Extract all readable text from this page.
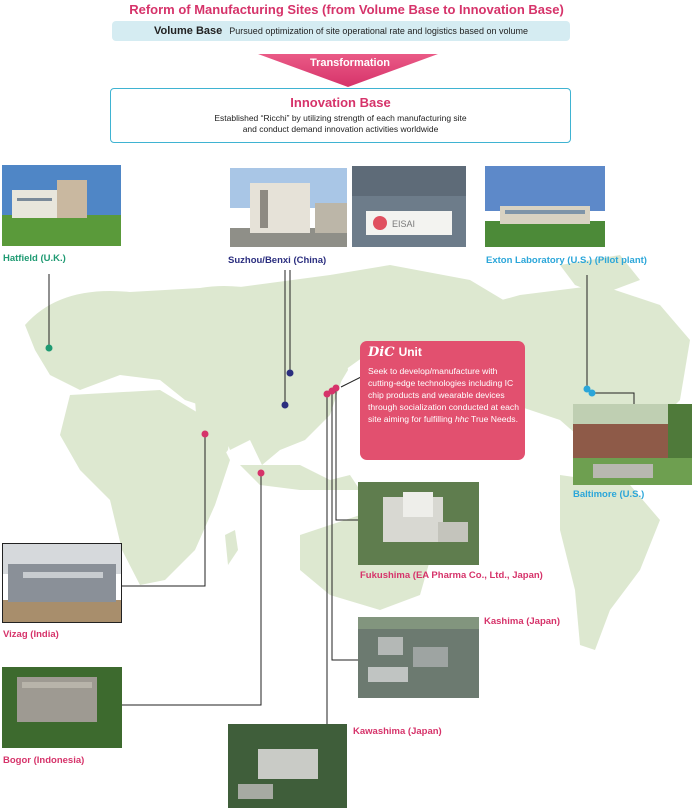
Reform of Manufacturing Sites (from Volume Base to Innovation Base)
Volume Base Pursued optimization of site operational rate and logistics based on volume
Transformation
Innovation Base
Established “Ricchi” by utilizing strength of each manufacturing site
and conduct demand innovation activities worldwide
EISAI
DiC Unit
Seek to develop/manufacture with cutting-edge technologies including IC chip products and wearable devices through socialization conducted at each site aiming for fulfilling hhc True Needs.
Hatfield (U.K.)	Suzhou/Benxi (China)	Exton Laboratory (U.S.) (Pilot plant)
Baltimore (U.S.)
Fukushima (EA Pharma Co., Ltd., Japan)
Kashima (Japan)
Kawashima (Japan)
Vizag (India)
Bogor (Indonesia)
